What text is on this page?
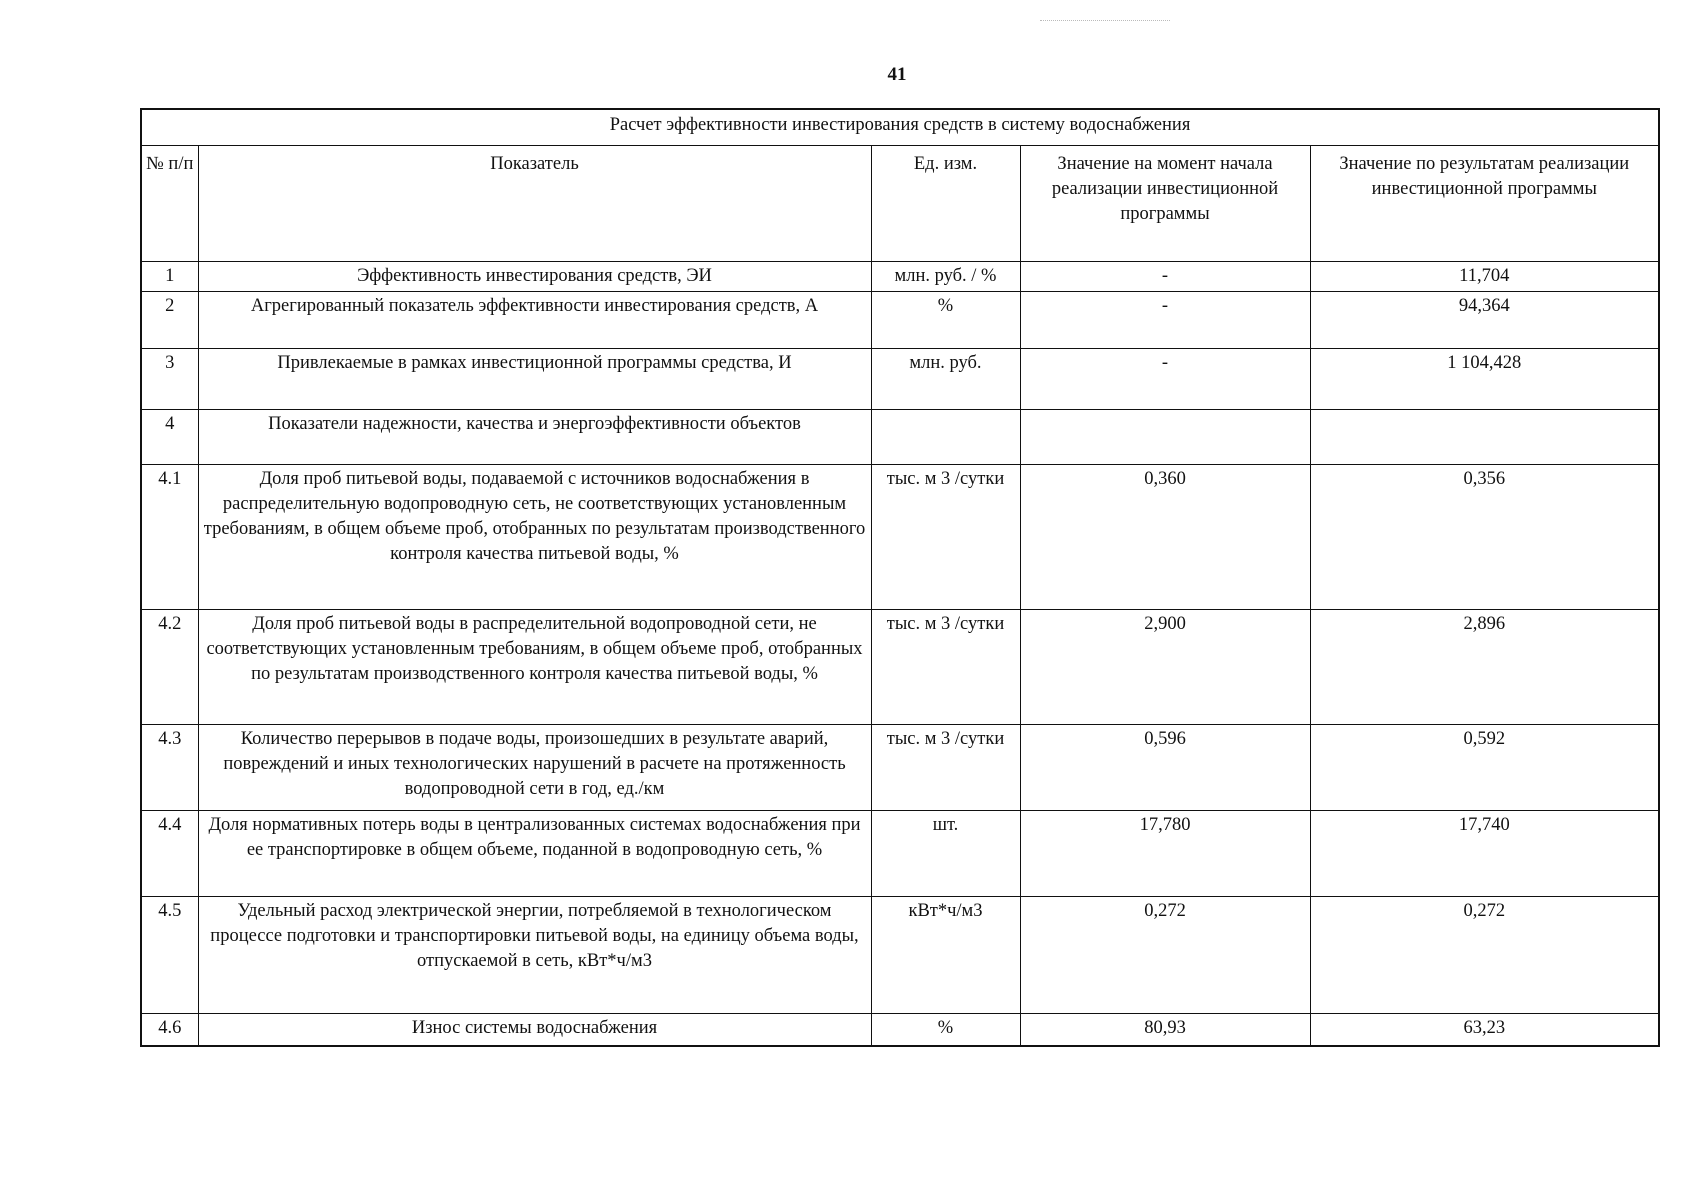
41
Расчет эффективности инвестирования средств в систему водоснабжения				
№ п/п	Показатель	Ед. изм.	Значение на момент начала реализации инвестиционной программы	Значение по результатам реализации инвестиционной программы
1	Эффективность инвестирования средств, ЭИ	млн. руб. / %	-	11,704
2	Агрегированный показатель эффективности инвестирования средств, А	%	-	94,364
3	Привлекаемые в рамках инвестиционной программы средства, И	млн. руб.	-	1 104,428
4	Показатели надежности, качества и энергоэффективности объектов			
4.1	Доля проб питьевой воды, подаваемой с источников водоснабжения в распределительную водопроводную сеть, не соответствующих установленным требованиям, в общем объеме проб, отобранных по результатам производственного контроля качества питьевой воды, %	тыс. м 3 /сутки	0,360	0,356
4.2	Доля проб питьевой воды в распределительной водопроводной сети, не соответствующих установленным требованиям, в общем объеме проб, отобранных по результатам производственного контроля качества питьевой воды, %	тыс. м 3 /сутки	2,900	2,896
4.3	Количество перерывов в подаче воды, произошедших в результате аварий, повреждений и иных технологических нарушений в расчете на протяженность водопроводной сети в год, ед./км	тыс. м 3 /сутки	0,596	0,592
4.4	Доля нормативных потерь воды в централизованных системах водоснабжения при ее транспортировке в общем объеме, поданной в водопроводную сеть, %	шт.	17,780	17,740
4.5	Удельный расход электрической энергии, потребляемой в технологическом процессе подготовки и транспортировки питьевой воды, на единицу объема воды, отпускаемой в сеть, кВт*ч/м3	кВт*ч/м3	0,272	0,272
4.6	Износ системы водоснабжения	%	80,93	63,23
